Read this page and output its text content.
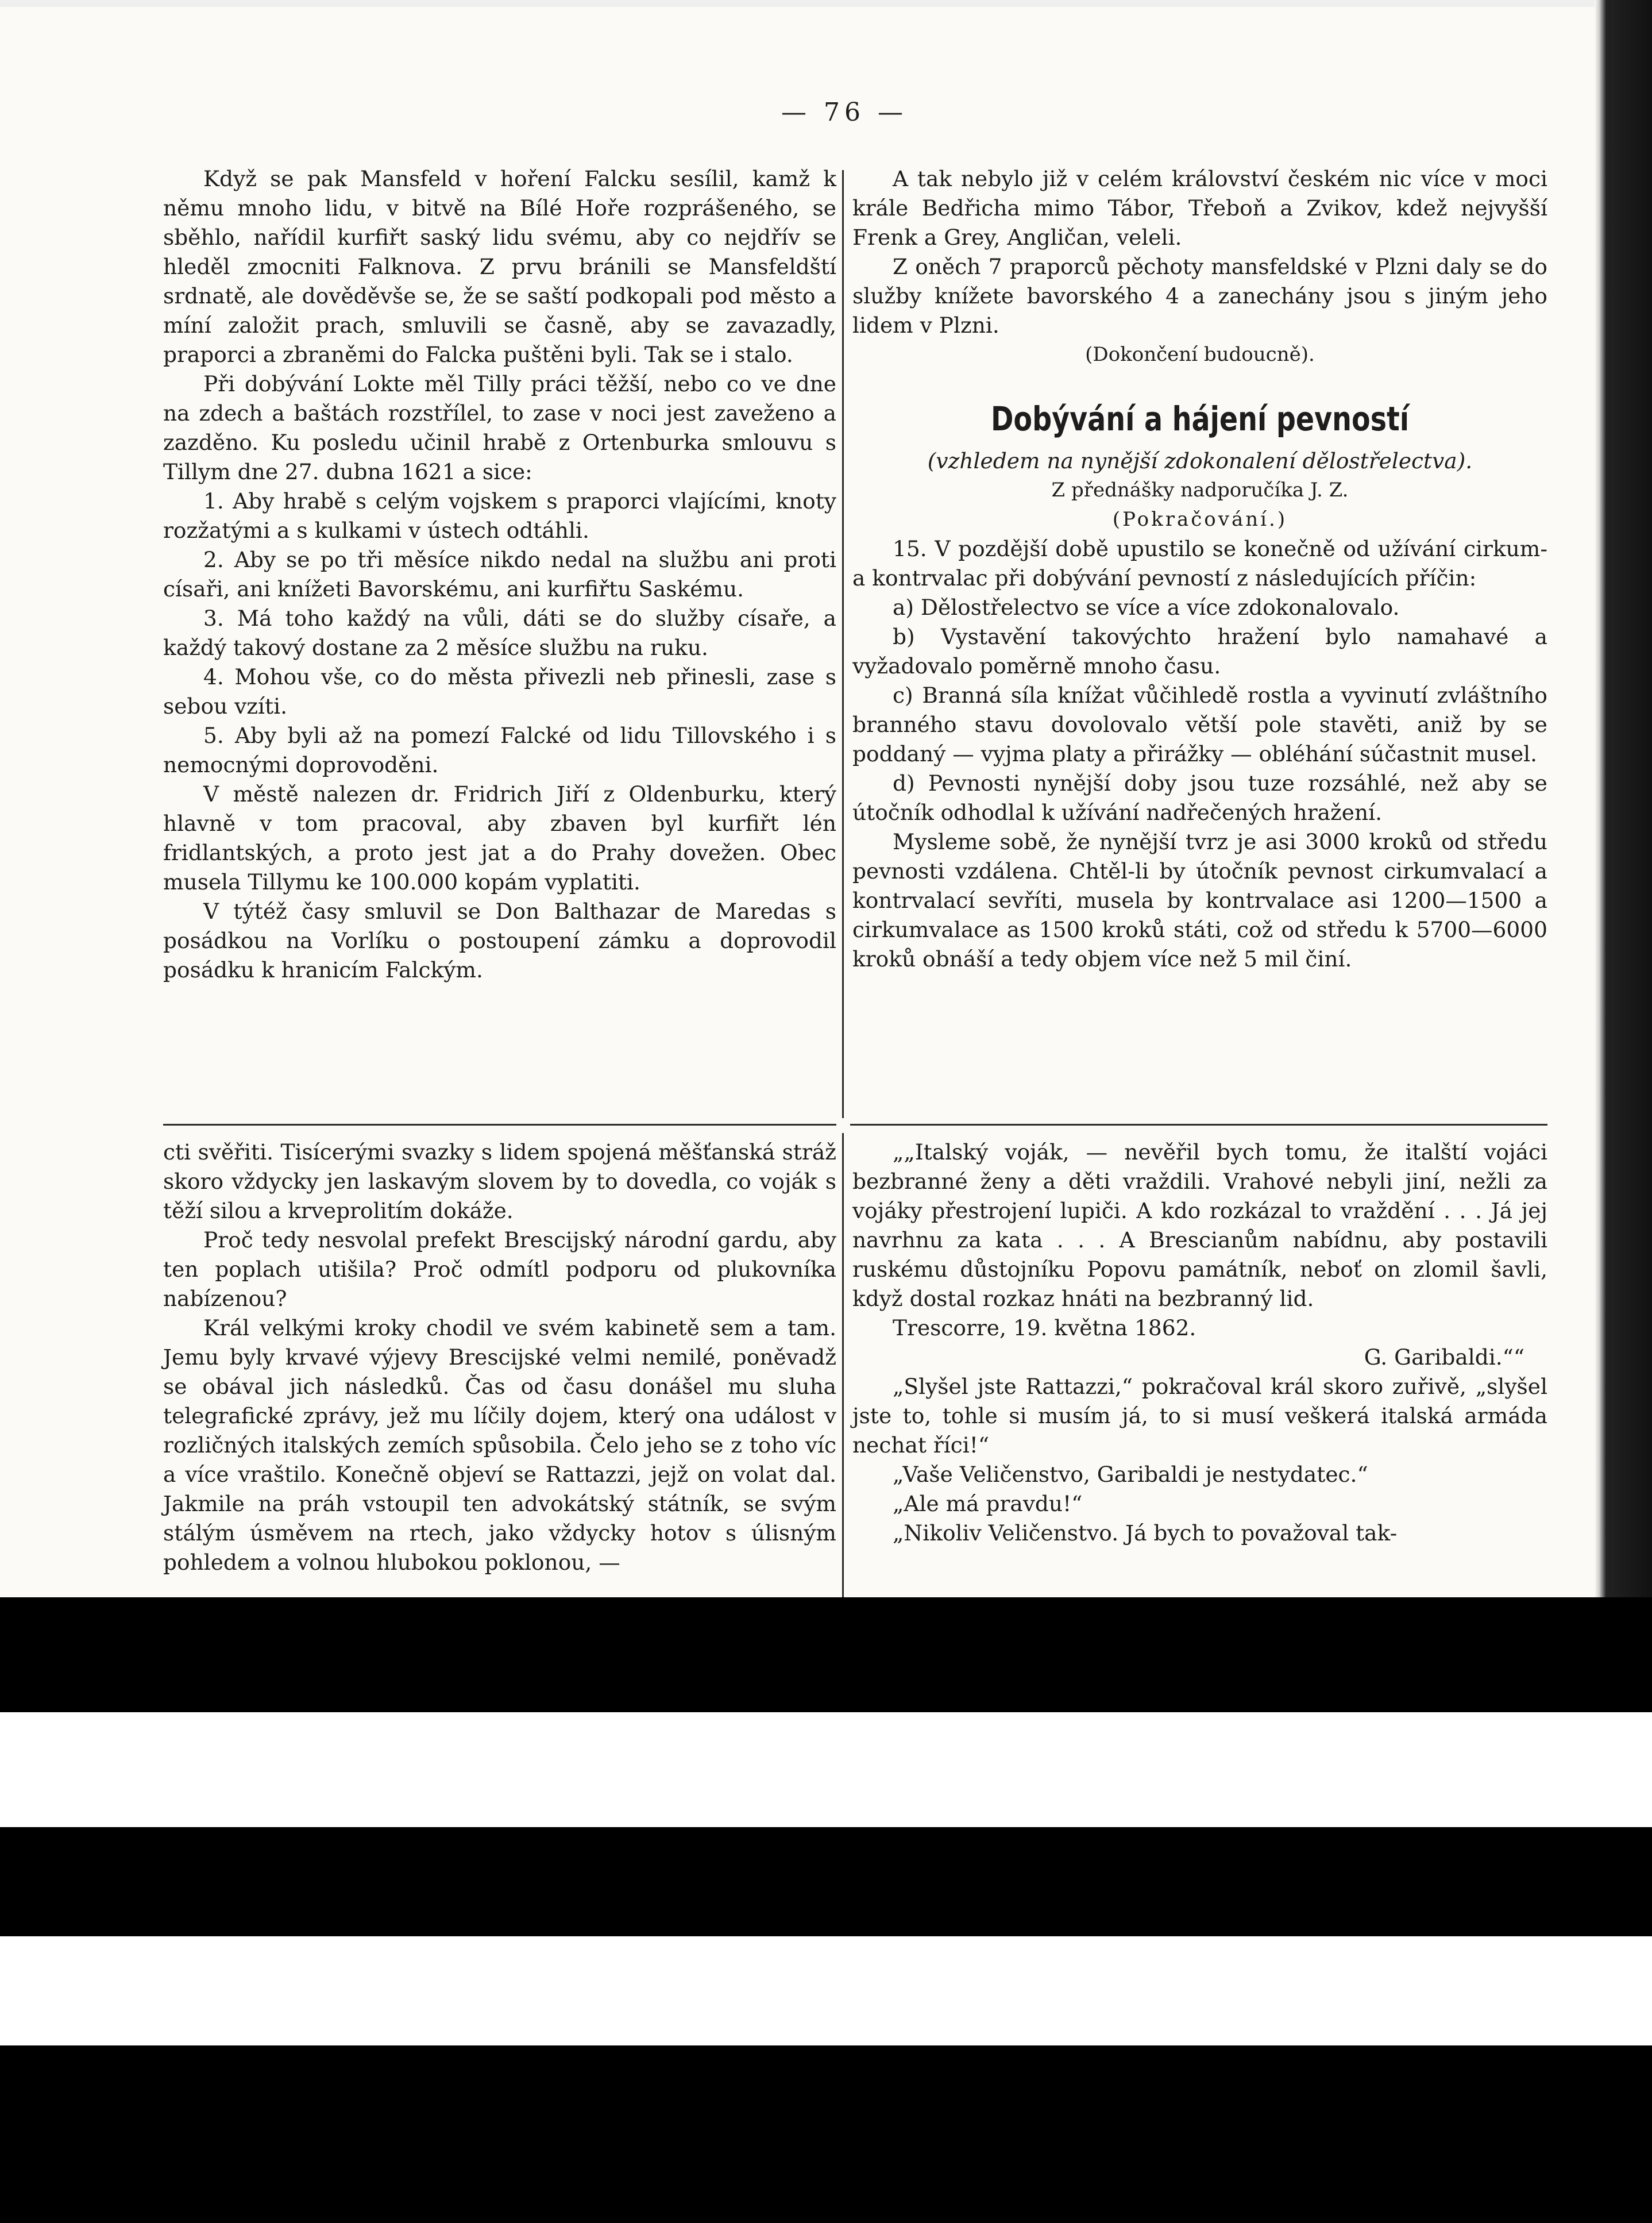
— 76 —

Když se pak Mansfeld v hoření Falcku sesílil, kamž k němu mnoho lidu, v bitvě na Bílé Hoře rozprášeného, se sběhlo, nařídil kurfiřt saský lidu svému, aby co nejdřív se hleděl zmocniti Falknova. Z prvu bránili se Mansfeldští srdnatě, ale dověděvše se, že se saští podkopali pod město a míní založit prach, smluvili se časně, aby se zavazadly, praporci a zbraněmi do Falcka puštěni byli. Tak se i stalo.

Při dobývání Lokte měl Tilly práci těžší, nebo co ve dne na zdech a baštách rozstřílel, to zase v noci jest zaveženo a zazděno. Ku posledu učinil hrabě z Ortenburka smlouvu s Tillym dne 27. dubna 1621 a sice:

1. Aby hrabě s celým vojskem s praporci vlajícími, knoty rozžatými a s kulkami v ústech odtáhli.

2. Aby se po tři měsíce nikdo nedal na službu ani proti císaři, ani knížeti Bavorskému, ani kurfiřtu Saskému.

3. Má toho každý na vůli, dáti se do služby císaře, a každý takový dostane za 2 měsíce službu na ruku.

4. Mohou vše, co do města přivezli neb přinesli, zase s sebou vzíti.

5. Aby byli až na pomezí Falcké od lidu Tillovského i s nemocnými doprovoděni.

V městě nalezen dr. Fridrich Jiří z Oldenburku, který hlavně v tom pracoval, aby zbaven byl kurfiřt lén fridlantských, a proto jest jat a do Prahy dovežen. Obec musela Tillymu ke 100.000 kopám vyplatiti.

V týtéž časy smluvil se Don Balthazar de Maredas s posádkou na Vorlíku o postoupení zámku a doprovodil posádku k hranicím Falckým.

A tak nebylo již v celém království českém nic více v moci krále Bedřicha mimo Tábor, Třeboň a Zvikov, kdež nejvyšší Frenk a Grey, Angličan, veleli.

Z oněch 7 praporců pěchoty mansfeldské v Plzni daly se do služby knížete bavorského 4 a zanechány jsou s jiným jeho lidem v Plzni.

(Dokončení budoucně).

Dobývání a hájení pevností

(vzhledem na nynější zdokonalení dělostřelectva).

Z přednášky nadporučíka J. Z.

(Pokračování.)

15. V pozdější době upustilo se konečně od užívání cirkum- a kontrvalac při dobývání pevností z následujících příčin:

a) Dělostřelectvo se více a více zdokonalovalo.

b) Vystavění takovýchto hražení bylo namahavé a vyžadovalo poměrně mnoho času.

c) Branná síla knížat vůčihledě rostla a vyvinutí zvláštního branného stavu dovolovalo větší pole stavěti, aniž by se poddaný — vyjma platy a přirážky — obléhání súčastnit musel.

d) Pevnosti nynější doby jsou tuze rozsáhlé, než aby se útočník odhodlal k užívání nadřečených hražení.

Mysleme sobě, že nynější tvrz je asi 3000 kroků od středu pevnosti vzdálena. Chtěl-li by útočník pevnost cirkumvalací a kontrvalací sevříti, musela by kontrvalace asi 1200—1500 a cirkumvalace as 1500 kroků státi, což od středu k 5700—6000 kroků obnáší a tedy objem více než 5 mil činí.

cti svěřiti. Tisícerými svazky s lidem spojená měšťanská stráž skoro vždycky jen laskavým slovem by to dovedla, co voják s těží silou a krveprolitím dokáže.

Proč tedy nesvolal prefekt Brescijský národní gardu, aby ten poplach utišila? Proč odmítl podporu od plukovníka nabízenou?

Král velkými kroky chodil ve svém kabinetě sem a tam. Jemu byly krvavé výjevy Brescijské velmi nemilé, poněvadž se obával jich následků. Čas od času donášel mu sluha telegrafické zprávy, jež mu líčily dojem, který ona událost v rozličných italských zemích spůsobila. Čelo jeho se z toho víc a více vraštilo. Konečně objeví se Rattazzi, jejž on volat dal. Jakmile na práh vstoupil ten advokátský státník, se svým stálým úsměvem na rtech, jako vždycky hotov s úlisným pohledem a volnou hlubokou poklonou, —

„„Italský voják, — nevěřil bych tomu, že italští vojáci bezbranné ženy a děti vraždili. Vrahové nebyli jiní, nežli za vojáky přestrojení lupiči. A kdo rozkázal to vraždění . . . Já jej navrhnu za kata . . . A Brescianům nabídnu, aby postavili ruskému důstojníku Popovu památník, neboť on zlomil šavli, když dostal rozkaz hnáti na bezbranný lid.

Trescorre, 19. května 1862.

G. Garibaldi.““

„Slyšel jste Rattazzi,“ pokračoval král skoro zuřivě, „slyšel jste to, tohle si musím já, to si musí veškerá italská armáda nechat říci!“

„Vaše Veličenstvo, Garibaldi je nestydatec.“

„Ale má pravdu!“

„Nikoliv Veličenstvo. Já bych to považoval tak-
